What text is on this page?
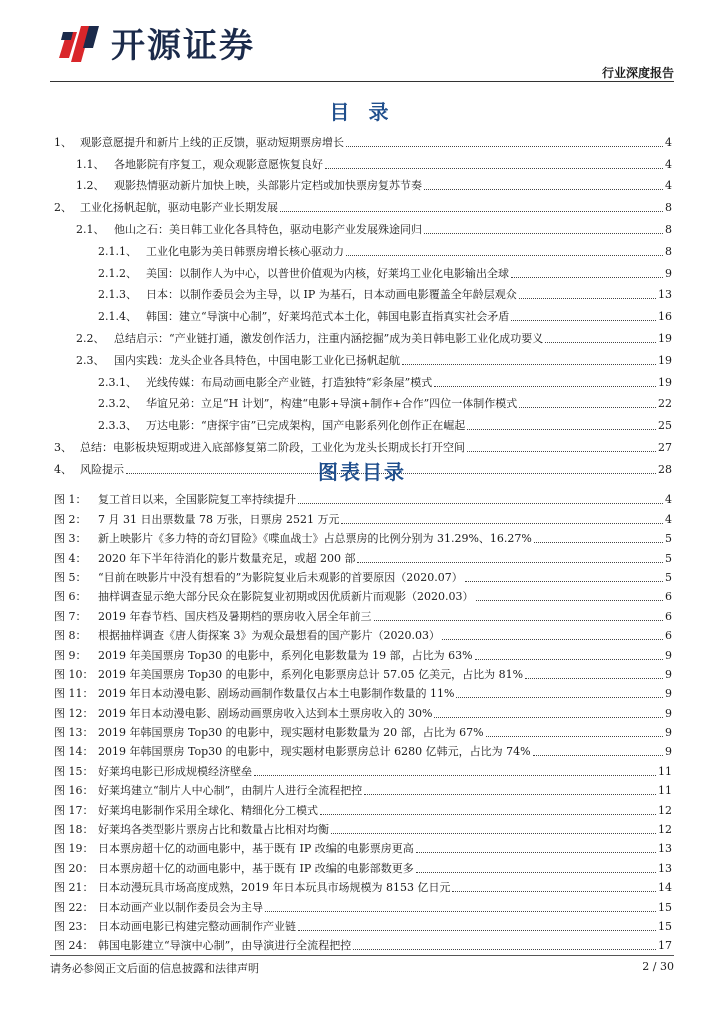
开源证券
行业深度报告
目 录
1、 观影意愿提升和新片上线的正反馈，驱动短期票房增长	4
1.1、 各地影院有序复工，观众观影意愿恢复良好	4
1.2、 观影热情驱动新片加快上映，头部影片定档或加快票房复苏节奏	4
2、 工业化扬帆起航，驱动电影产业长期发展	8
2.1、 他山之石：美日韩工业化各具特色，驱动电影产业发展殊途同归	8
2.1.1、 工业化电影为美日韩票房增长核心驱动力	8
2.1.2、 美国：以制作人为中心，以普世价值观为内核，好莱坞工业化电影输出全球	9
2.1.3、 日本：以制作委员会为主导，以 IP 为基石，日本动画电影覆盖全年龄层观众	13
2.1.4、 韩国：建立“导演中心制”，好莱坞范式本土化，韩国电影直指真实社会矛盾	16
2.2、 总结启示：“产业链打通，激发创作活力，注重内涵挖掘”成为美日韩电影工业化成功要义	19
2.3、 国内实践：龙头企业各具特色，中国电影工业化已扬帆起航	19
2.3.1、 光线传媒：布局动画电影全产业链，打造独特“彩条屋”模式	19
2.3.2、 华谊兄弟：立足“H 计划”，构建“电影+导演+制作+合作”四位一体制作模式	22
2.3.3、 万达电影：“唐探宇宙”已完成架构，国产电影系列化创作正在崛起	25
3、 总结：电影板块短期或进入底部修复第二阶段，工业化为龙头长期成长打开空间	27
4、 风险提示	28
图表目录
图 1：	复工首日以来，全国影院复工率持续提升	4
图 2：	7 月 31 日出票数量 78 万张，日票房 2521 万元	4
图 3：	新上映影片《多力特的奇幻冒险》《喋血战士》占总票房的比例分别为 31.29%、16.27%	5
图 4：	2020 年下半年待消化的影片数量充足，或超 200 部	5
图 5：	“目前在映影片中没有想看的”为影院复业后未观影的首要原因（2020.07）	5
图 6：	抽样调查显示绝大部分民众在影院复业初期或因优质新片而观影（2020.03）	6
图 7：	2019 年春节档、国庆档及暑期档的票房收入居全年前三	6
图 8：	根据抽样调查《唐人街探案 3》为观众最想看的国产影片（2020.03）	6
图 9：	2019 年美国票房 Top30 的电影中，系列化电影数量为 19 部，占比为 63%	9
图 10： 2019 年美国票房 Top30 的电影中，系列化电影票房总计 57.05 亿美元，占比为 81%	9
图 11： 2019 年日本动漫电影、剧场动画制作数量仅占本土电影制作数量的 11%	9
图 12： 2019 年日本动漫电影、剧场动画票房收入达到本土票房收入的 30%	9
图 13： 2019 年韩国票房 Top30 的电影中，现实题材电影数量为 20 部，占比为 67%	9
图 14： 2019 年韩国票房 Top30 的电影中，现实题材电影票房总计 6280 亿韩元，占比为 74%	9
图 15： 好莱坞电影已形成规模经济壁垒	11
图 16： 好莱坞建立“制片人中心制”，由制片人进行全流程把控	11
图 17： 好莱坞电影制作采用全球化、精细化分工模式	12
图 18： 好莱坞各类型影片票房占比和数量占比相对均衡	12
图 19： 日本票房超十亿的动画电影中，基于既有 IP 改编的电影票房更高	13
图 20： 日本票房超十亿的动画电影中，基于既有 IP 改编的电影部数更多	13
图 21： 日本动漫玩具市场高度成熟，2019 年日本玩具市场规模为 8153 亿日元	14
图 22： 日本动画产业以制作委员会为主导	15
图 23： 日本动画电影已构建完整动画制作产业链	15
图 24： 韩国电影建立“导演中心制”，由导演进行全流程把控	17
请务必参阅正文后面的信息披露和法律声明	2 / 30
